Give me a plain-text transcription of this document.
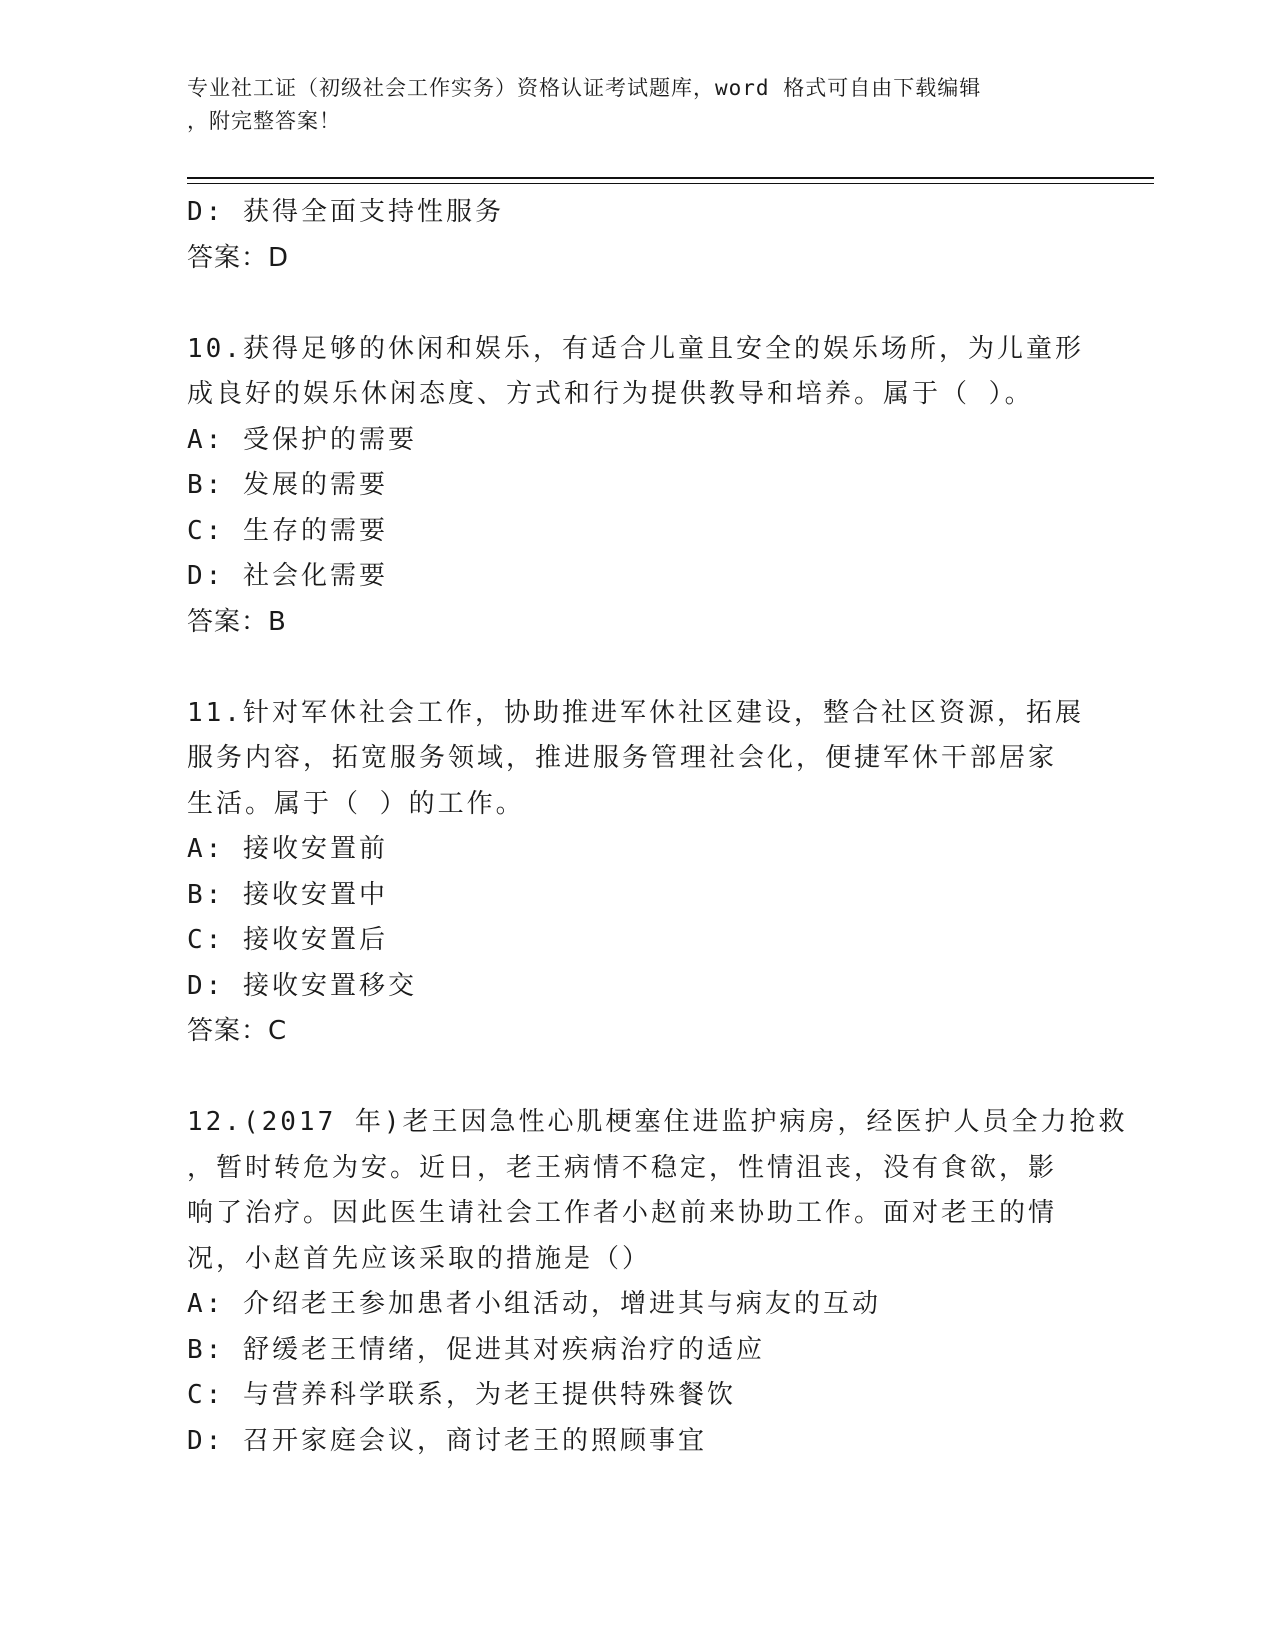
专业社工证（初级社会工作实务）资格认证考试题库，word 格式可自由下载编辑
，附完整答案！
D: 获得全面支持性服务
答案：D
10.获得足够的休闲和娱乐，有适合儿童且安全的娱乐场所，为儿童形
成良好的娱乐休闲态度、方式和行为提供教导和培养。属于（ ）。
A: 受保护的需要
B: 发展的需要
C: 生存的需要
D: 社会化需要
答案：B
11.针对军休社会工作，协助推进军休社区建设，整合社区资源，拓展
服务内容，拓宽服务领域，推进服务管理社会化，便捷军休干部居家
生活。属于（ ）的工作。
A: 接收安置前
B: 接收安置中
C: 接收安置后
D: 接收安置移交
答案：C
12.(2017 年)老王因急性心肌梗塞住进监护病房，经医护人员全力抢救
，暂时转危为安。近日，老王病情不稳定，性情沮丧，没有食欲，影
响了治疗。因此医生请社会工作者小赵前来协助工作。面对老王的情
况，小赵首先应该采取的措施是（）
A: 介绍老王参加患者小组活动，增进其与病友的互动
B: 舒缓老王情绪，促进其对疾病治疗的适应
C: 与营养科学联系，为老王提供特殊餐饮
D: 召开家庭会议，商讨老王的照顾事宜
